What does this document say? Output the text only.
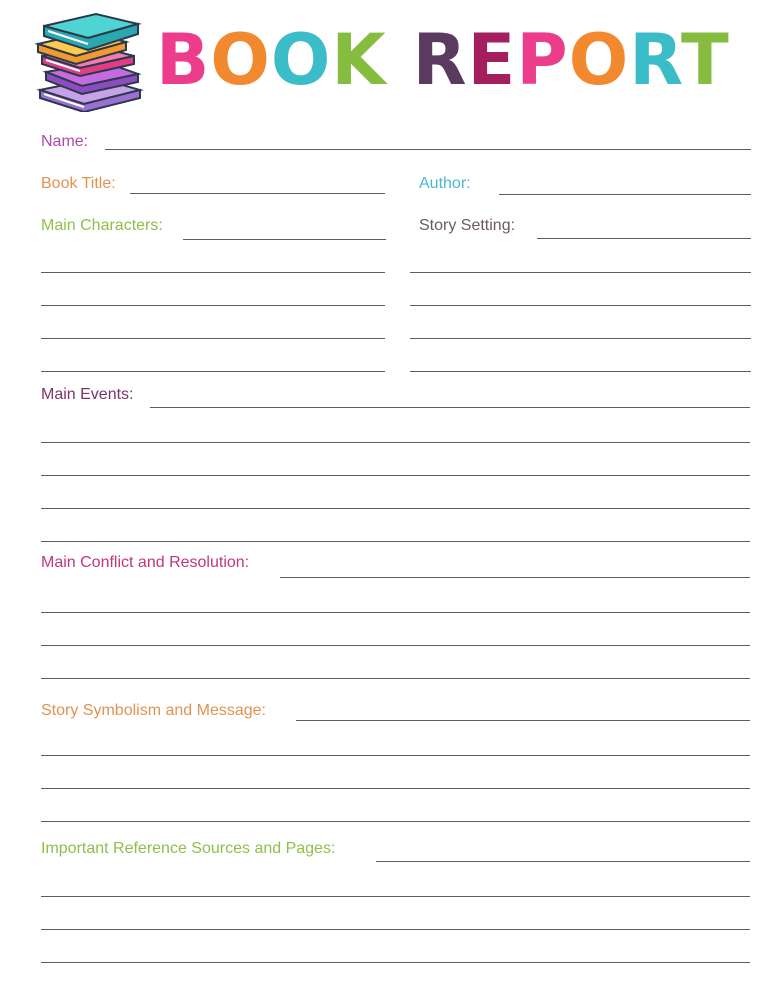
BOOK REPORT
Name:
Book Title:	Author:
Main Characters:	Story Setting:
Main Events:
Main Conflict and Resolution:
Story Symbolism and Message:
Important Reference Sources and Pages:
